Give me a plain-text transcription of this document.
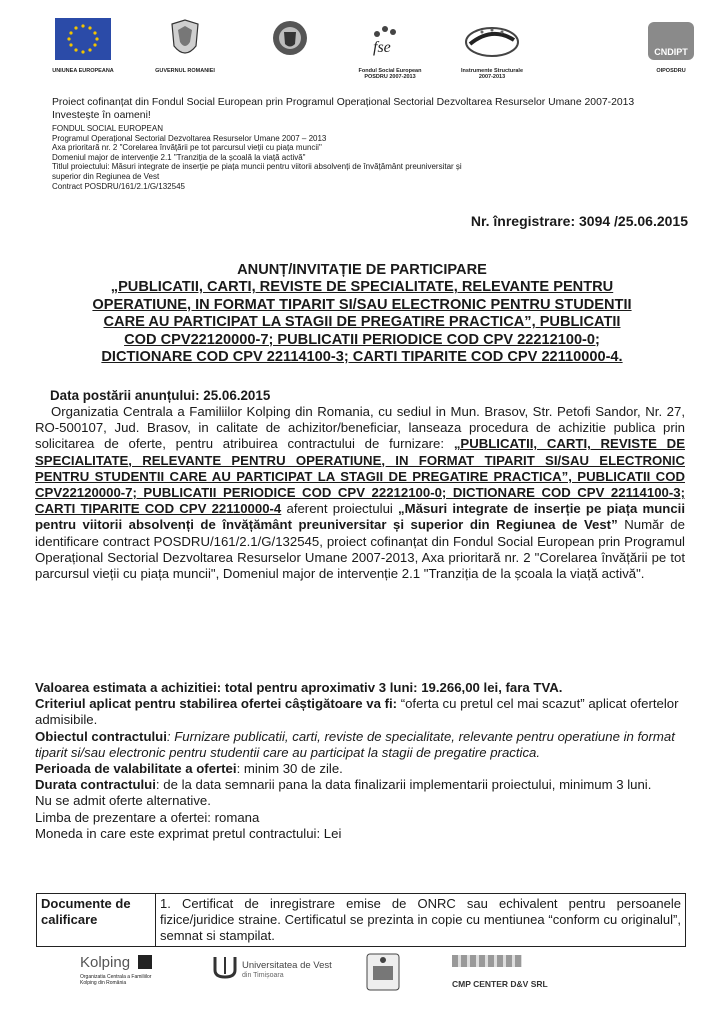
UNIUNEA EUROPEANA	GUVERNUL ROMANIEI
fse
Fondul Social European
POSDRU 2007-2013
Instrumente Structurale
2007-2013
CNDIPT
OIPOSDRU
Proiect cofinanțat din Fondul Social European prin Programul Operațional Sectorial Dezvoltarea Resurselor Umane 2007-2013
Investește în oameni!
FONDUL SOCIAL EUROPEAN
Programul Operațional Sectorial Dezvoltarea Resurselor Umane 2007 – 2013
Axa prioritară nr. 2 "Corelarea învățării pe tot parcursul vieții cu piața muncii"
Domeniul major de intervenție 2.1 "Tranziția de la școală la viață activă"
Titlul proiectului: Măsuri integrate de inserție pe piața muncii pentru viitorii absolvenți de învățământ preuniversitar și
superior din Regiunea de Vest
Contract POSDRU/161/2.1/G/132545
Nr. înregistrare: 3094 /25.06.2015
ANUNȚ/INVITAȚIE DE PARTICIPARE
„PUBLICATII, CARTI, REVISTE DE SPECIALITATE, RELEVANTE PENTRU
OPERATIUNE, IN FORMAT TIPARIT SI/SAU ELECTRONIC PENTRU STUDENTII
CARE AU PARTICIPAT LA STAGII DE PREGATIRE PRACTICA”, PUBLICATII
COD CPV22120000-7; PUBLICATII PERIODICE COD CPV 22212100-0;
DICTIONARE COD CPV 22114100-3; CARTI TIPARITE COD CPV 22110000-4.
Data postării anunțului: 25.06.2015
Organizatia Centrala a Familiilor Kolping din Romania, cu sediul in Mun. Brasov, Str. Petofi Sandor, Nr. 27, RO-500107, Jud. Brasov, in calitate de achizitor/beneficiar, lanseaza procedura de achizitie publica prin solicitarea de oferte, pentru atribuirea contractului de furnizare: „PUBLICATII, CARTI, REVISTE DE SPECIALITATE, RELEVANTE PENTRU OPERATIUNE, IN FORMAT TIPARIT SI/SAU ELECTRONIC PENTRU STUDENTII CARE AU PARTICIPAT LA STAGII DE PREGATIRE PRACTICA”, PUBLICATII COD CPV22120000-7; PUBLICATII PERIODICE COD CPV 22212100-0; DICTIONARE COD CPV 22114100-3; CARTI TIPARITE COD CPV 22110000-4 aferent proiectului „Măsuri integrate de inserție pe piața muncii pentru viitorii absolvenți de învățământ preuniversitar și superior din Regiunea de Vest” Număr de identificare contract POSDRU/161/2.1/G/132545, proiect cofinanțat din Fondul Social European prin Programul Operațional Sectorial Dezvoltarea Resurselor Umane 2007-2013, Axa prioritară nr. 2 "Corelarea învățării pe tot parcursul vieții cu piața muncii", Domeniul major de intervenție 2.1 "Tranziția de la școala la viață activă".
Valoarea estimata a achizitiei: total pentru aproximativ 3 luni: 19.266,00 lei, fara TVA.
Criteriul aplicat pentru stabilirea ofertei câștigătoare va fi: “oferta cu pretul cel mai scazut” aplicat ofertelor admisibile.
Obiectul contractului: Furnizare publicatii, carti, reviste de specialitate, relevante pentru operatiune in format tiparit si/sau electronic pentru studentii care au participat la stagii de pregatire practica.
Perioada de valabilitate a ofertei: minim 30 de zile.
Durata contractului: de la data semnarii pana la data finalizarii implementarii proiectului, minimum 3 luni.
Nu se admit oferte alternative.
Limba de prezentare a ofertei: romana
Moneda in care este exprimat pretul contractului: Lei
Documente de calificare	1. Certificat de inregistrare emise de ONRC sau echivalent pentru persoanele fizice/juridice straine. Certificatul se prezinta in copie cu mentiunea “conform cu originalul”, semnat si stampilat.
Kolping
Organizatia Centrala a Familiilor
Kolping din România
Universitatea de Vest
din Timișoara
CMP CENTER D&V SRL
